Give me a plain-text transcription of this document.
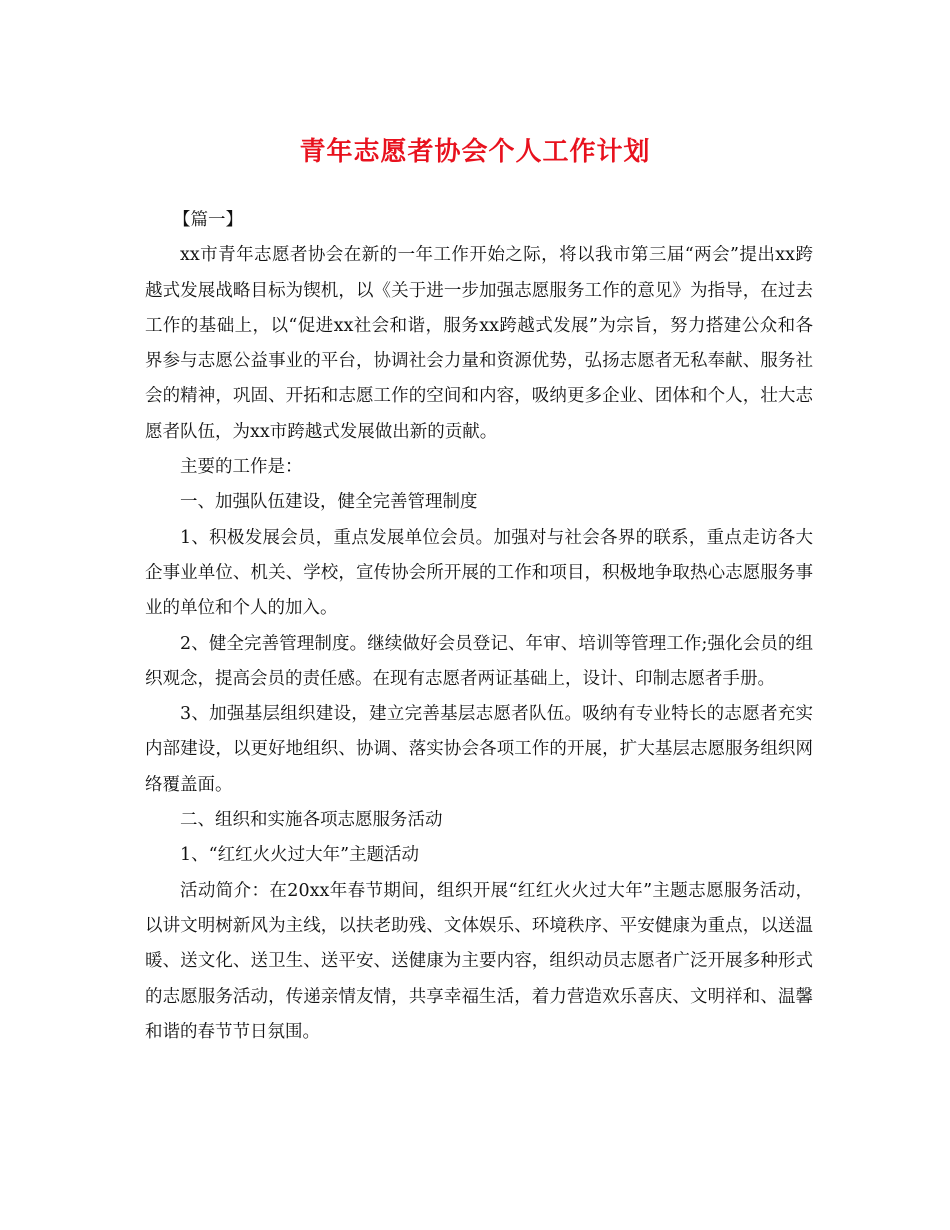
青年志愿者协会个人工作计划

【篇一】

xx市青年志愿者协会在新的一年工作开始之际，将以我市第三届“两会”提出xx跨越式发展战略目标为锲机，以《关于进一步加强志愿服务工作的意见》为指导，在过去工作的基础上，以“促进xx社会和谐，服务xx跨越式发展”为宗旨，努力搭建公众和各界参与志愿公益事业的平台，协调社会力量和资源优势，弘扬志愿者无私奉献、服务社会的精神，巩固、开拓和志愿工作的空间和内容，吸纳更多企业、团体和个人，壮大志愿者队伍，为xx市跨越式发展做出新的贡献。

主要的工作是：

一、加强队伍建设，健全完善管理制度

1、积极发展会员，重点发展单位会员。加强对与社会各界的联系，重点走访各大企事业单位、机关、学校，宣传协会所开展的工作和项目，积极地争取热心志愿服务事业的单位和个人的加入。

2、健全完善管理制度。继续做好会员登记、年审、培训等管理工作;强化会员的组织观念，提高会员的责任感。在现有志愿者两证基础上，设计、印制志愿者手册。

3、加强基层组织建设，建立完善基层志愿者队伍。吸纳有专业特长的志愿者充实内部建设，以更好地组织、协调、落实协会各项工作的开展，扩大基层志愿服务组织网络覆盖面。

二、组织和实施各项志愿服务活动

1、“红红火火过大年”主题活动

活动简介：在20xx年春节期间，组织开展“红红火火过大年”主题志愿服务活动，以讲文明树新风为主线，以扶老助残、文体娱乐、环境秩序、平安健康为重点，以送温暖、送文化、送卫生、送平安、送健康为主要内容，组织动员志愿者广泛开展多种形式的志愿服务活动，传递亲情友情，共享幸福生活，着力营造欢乐喜庆、文明祥和、温馨和谐的春节节日氛围。
